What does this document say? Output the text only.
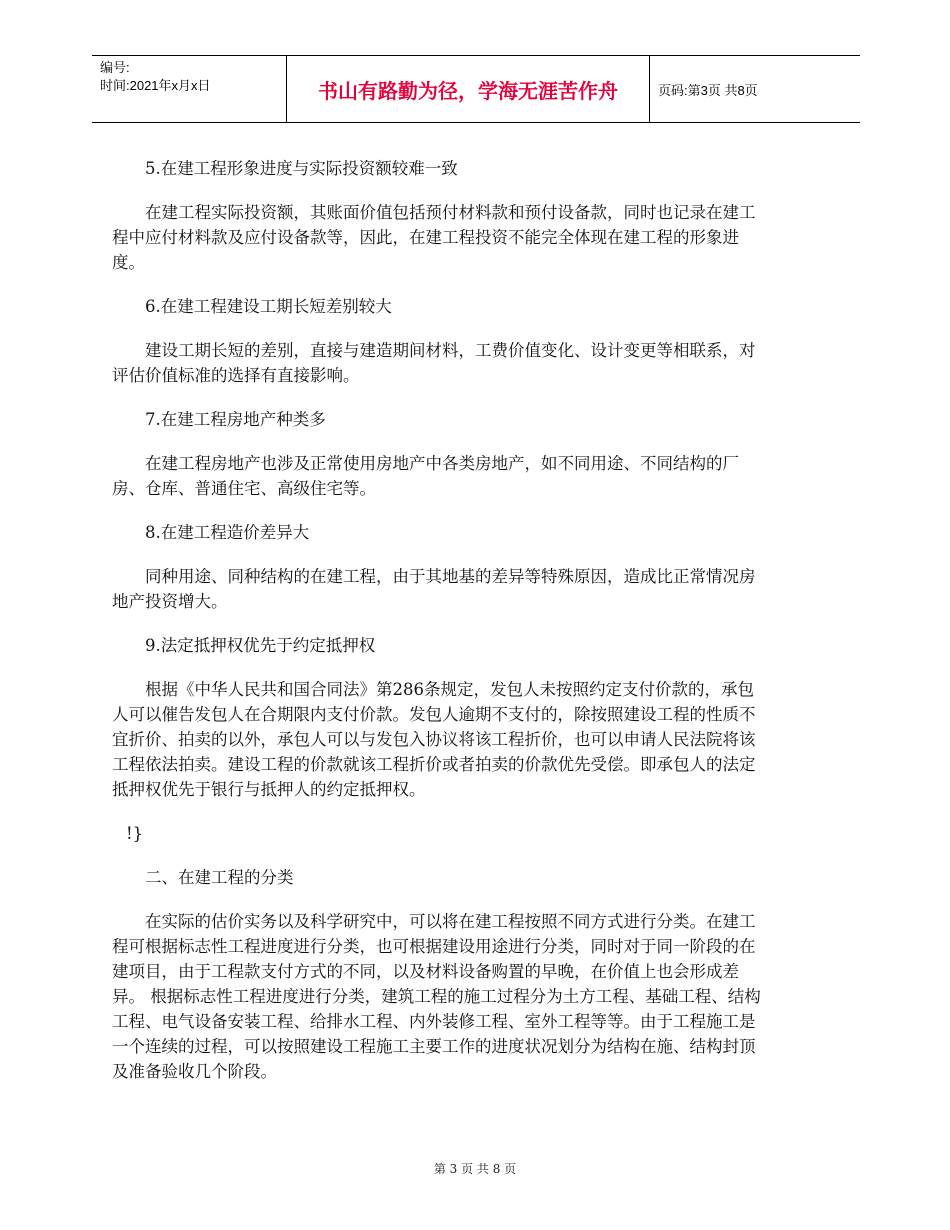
编号:
时间:2021年x月x日	书山有路勤为径，学海无涯苦作舟	页码:第3页 共8页

5.在建工程形象进度与实际投资额较难一致

在建工程实际投资额，其账面价值包括预付材料款和预付设备款，同时也记录在建工程中应付材料款及应付设备款等，因此，在建工程投资不能完全体现在建工程的形象进度。

6.在建工程建设工期长短差别较大

建设工期长短的差别，直接与建造期间材料，工费价值变化、设计变更等相联系，对评估价值标准的选择有直接影响。

7.在建工程房地产种类多

在建工程房地产也涉及正常使用房地产中各类房地产，如不同用途、不同结构的厂房、仓库、普通住宅、高级住宅等。

8.在建工程造价差异大

同种用途、同种结构的在建工程，由于其地基的差异等特殊原因，造成比正常情况房地产投资增大。

9.法定抵押权优先于约定抵押权

根据《中华人民共和国合同法》第286条规定，发包人未按照约定支付价款的，承包人可以催告发包人在合期限内支付价款。发包人逾期不支付的，除按照建设工程的性质不宜折价、拍卖的以外，承包人可以与发包入协议将该工程折价，也可以申请人民法院将该工程依法拍卖。建设工程的价款就该工程折价或者拍卖的价款优先受偿。即承包人的法定抵押权优先于银行与抵押人的约定抵押权。

!}

二、在建工程的分类

在实际的估价实务以及科学研究中，可以将在建工程按照不同方式进行分类。在建工程可根据标志性工程进度进行分类，也可根据建设用途进行分类，同时对于同一阶段的在建项目，由于工程款支付方式的不同，以及材料设备购置的早晚，在价值上也会形成差异。 根据标志性工程进度进行分类，建筑工程的施工过程分为土方工程、基础工程、结构工程、电气设备安装工程、给排水工程、内外装修工程、室外工程等等。由于工程施工是一个连续的过程，可以按照建设工程施工主要工作的进度状况划分为结构在施、结构封顶及准备验收几个阶段。

第 3 页 共 8 页
